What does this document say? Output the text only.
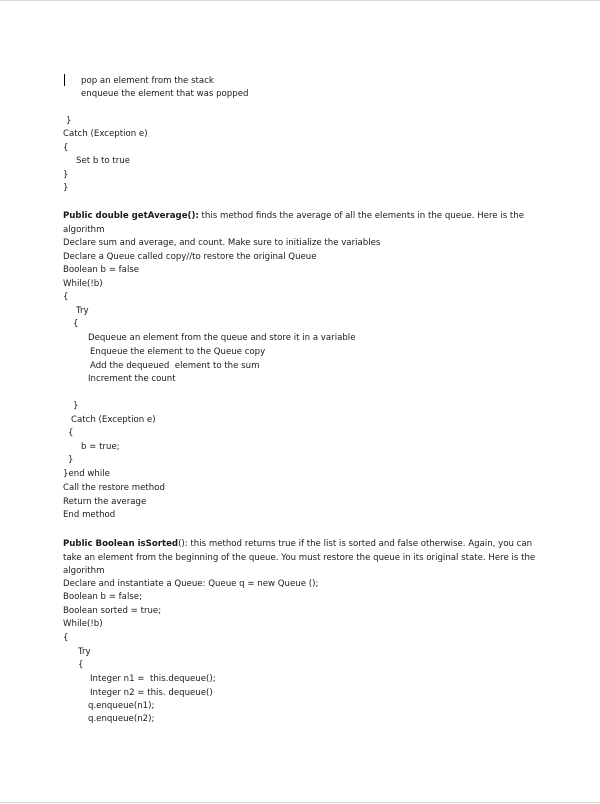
pop an element from the stack
enqueue the element that was popped
}
Catch (Exception e)
{
Set b to true
}
}
Public double getAverage(): this method finds the average of all the elements in the queue. Here is the algorithm
Declare sum and average, and count. Make sure to initialize the variables
Declare a Queue called copy//to restore the original Queue
Boolean b = false
While(!b)
{
Try
{
Dequeue an element from the queue and store it in a variable
Enqueue the element to the Queue copy
Add the dequeued  element to the sum
Increment the count
}
Catch (Exception e)
{
b = true;
}
}end while
Call the restore method
Return the average
End method
Public Boolean isSorted(): this method returns true if the list is sorted and false otherwise. Again, you can take an element from the beginning of the queue. You must restore the queue in its original state. Here is the algorithm
Declare and instantiate a Queue: Queue q = new Queue ();
Boolean b = false;
Boolean sorted = true;
While(!b)
{
Try
{
Integer n1 =  this.dequeue();
Integer n2 = this. dequeue()
q.enqueue(n1);
q.enqueue(n2);
